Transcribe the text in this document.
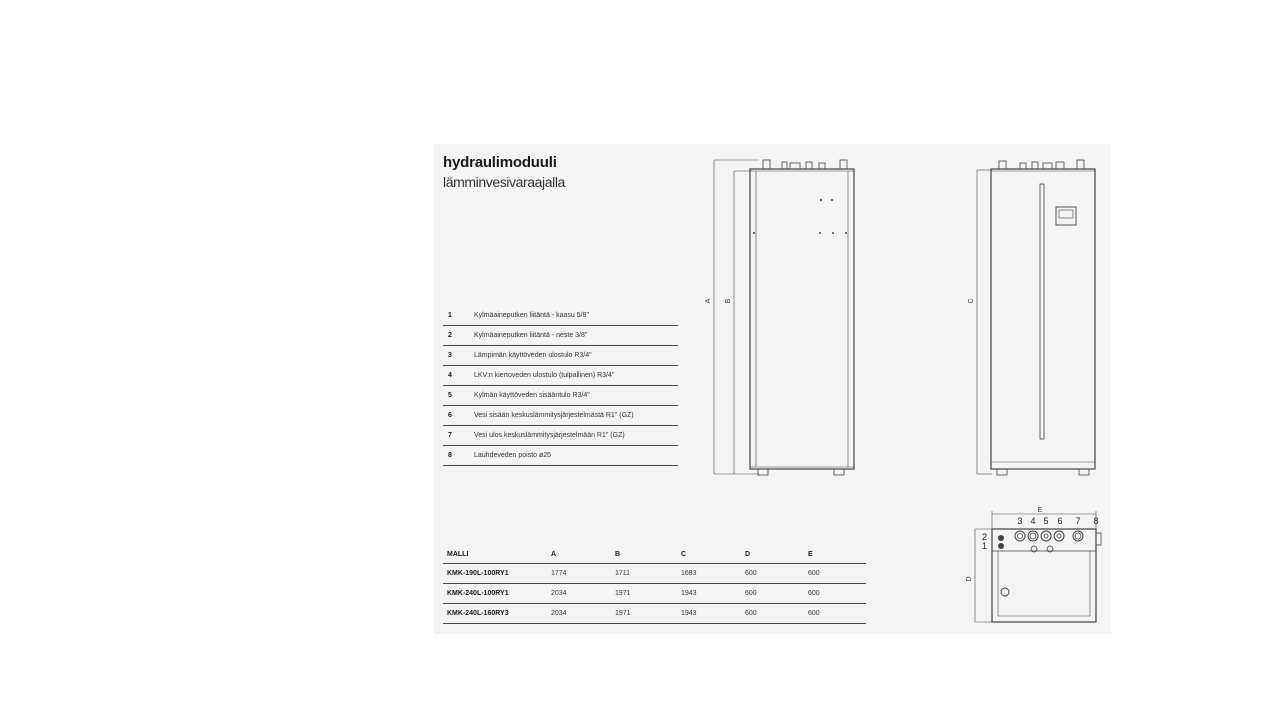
hydraulimoduuli
lämminvesivaraajalla
1	Kylmäaineputken liitäntä - kaasu 5/8"
2	Kylmäaineputken liitäntä - neste 3/8"
3	Lämpimän käyttöveden ulostulo R3/4"
4	LKV:n kiertoveden ulostulo (tulpallinen) R3/4"
5	Kylmän käyttöveden sisääntulo R3/4"
6	Vesi sisään keskuslämmitysjärjestelmästä R1" (GZ)
7	Vesi ulos keskuslämmitysjärjestelmään R1" (GZ)
8	Lauhdeveden poisto ø25
MALLI	A	B	C	D	E
KMK-190L-100RY1	1774	1711	1683	600	600
KMK-240L-100RY1	2034	1971	1943	600	600
KMK-240L-160RY3	2034	1971	1943	600	600
A B	C
D
E
2
1
3 4 5 6 7 8
